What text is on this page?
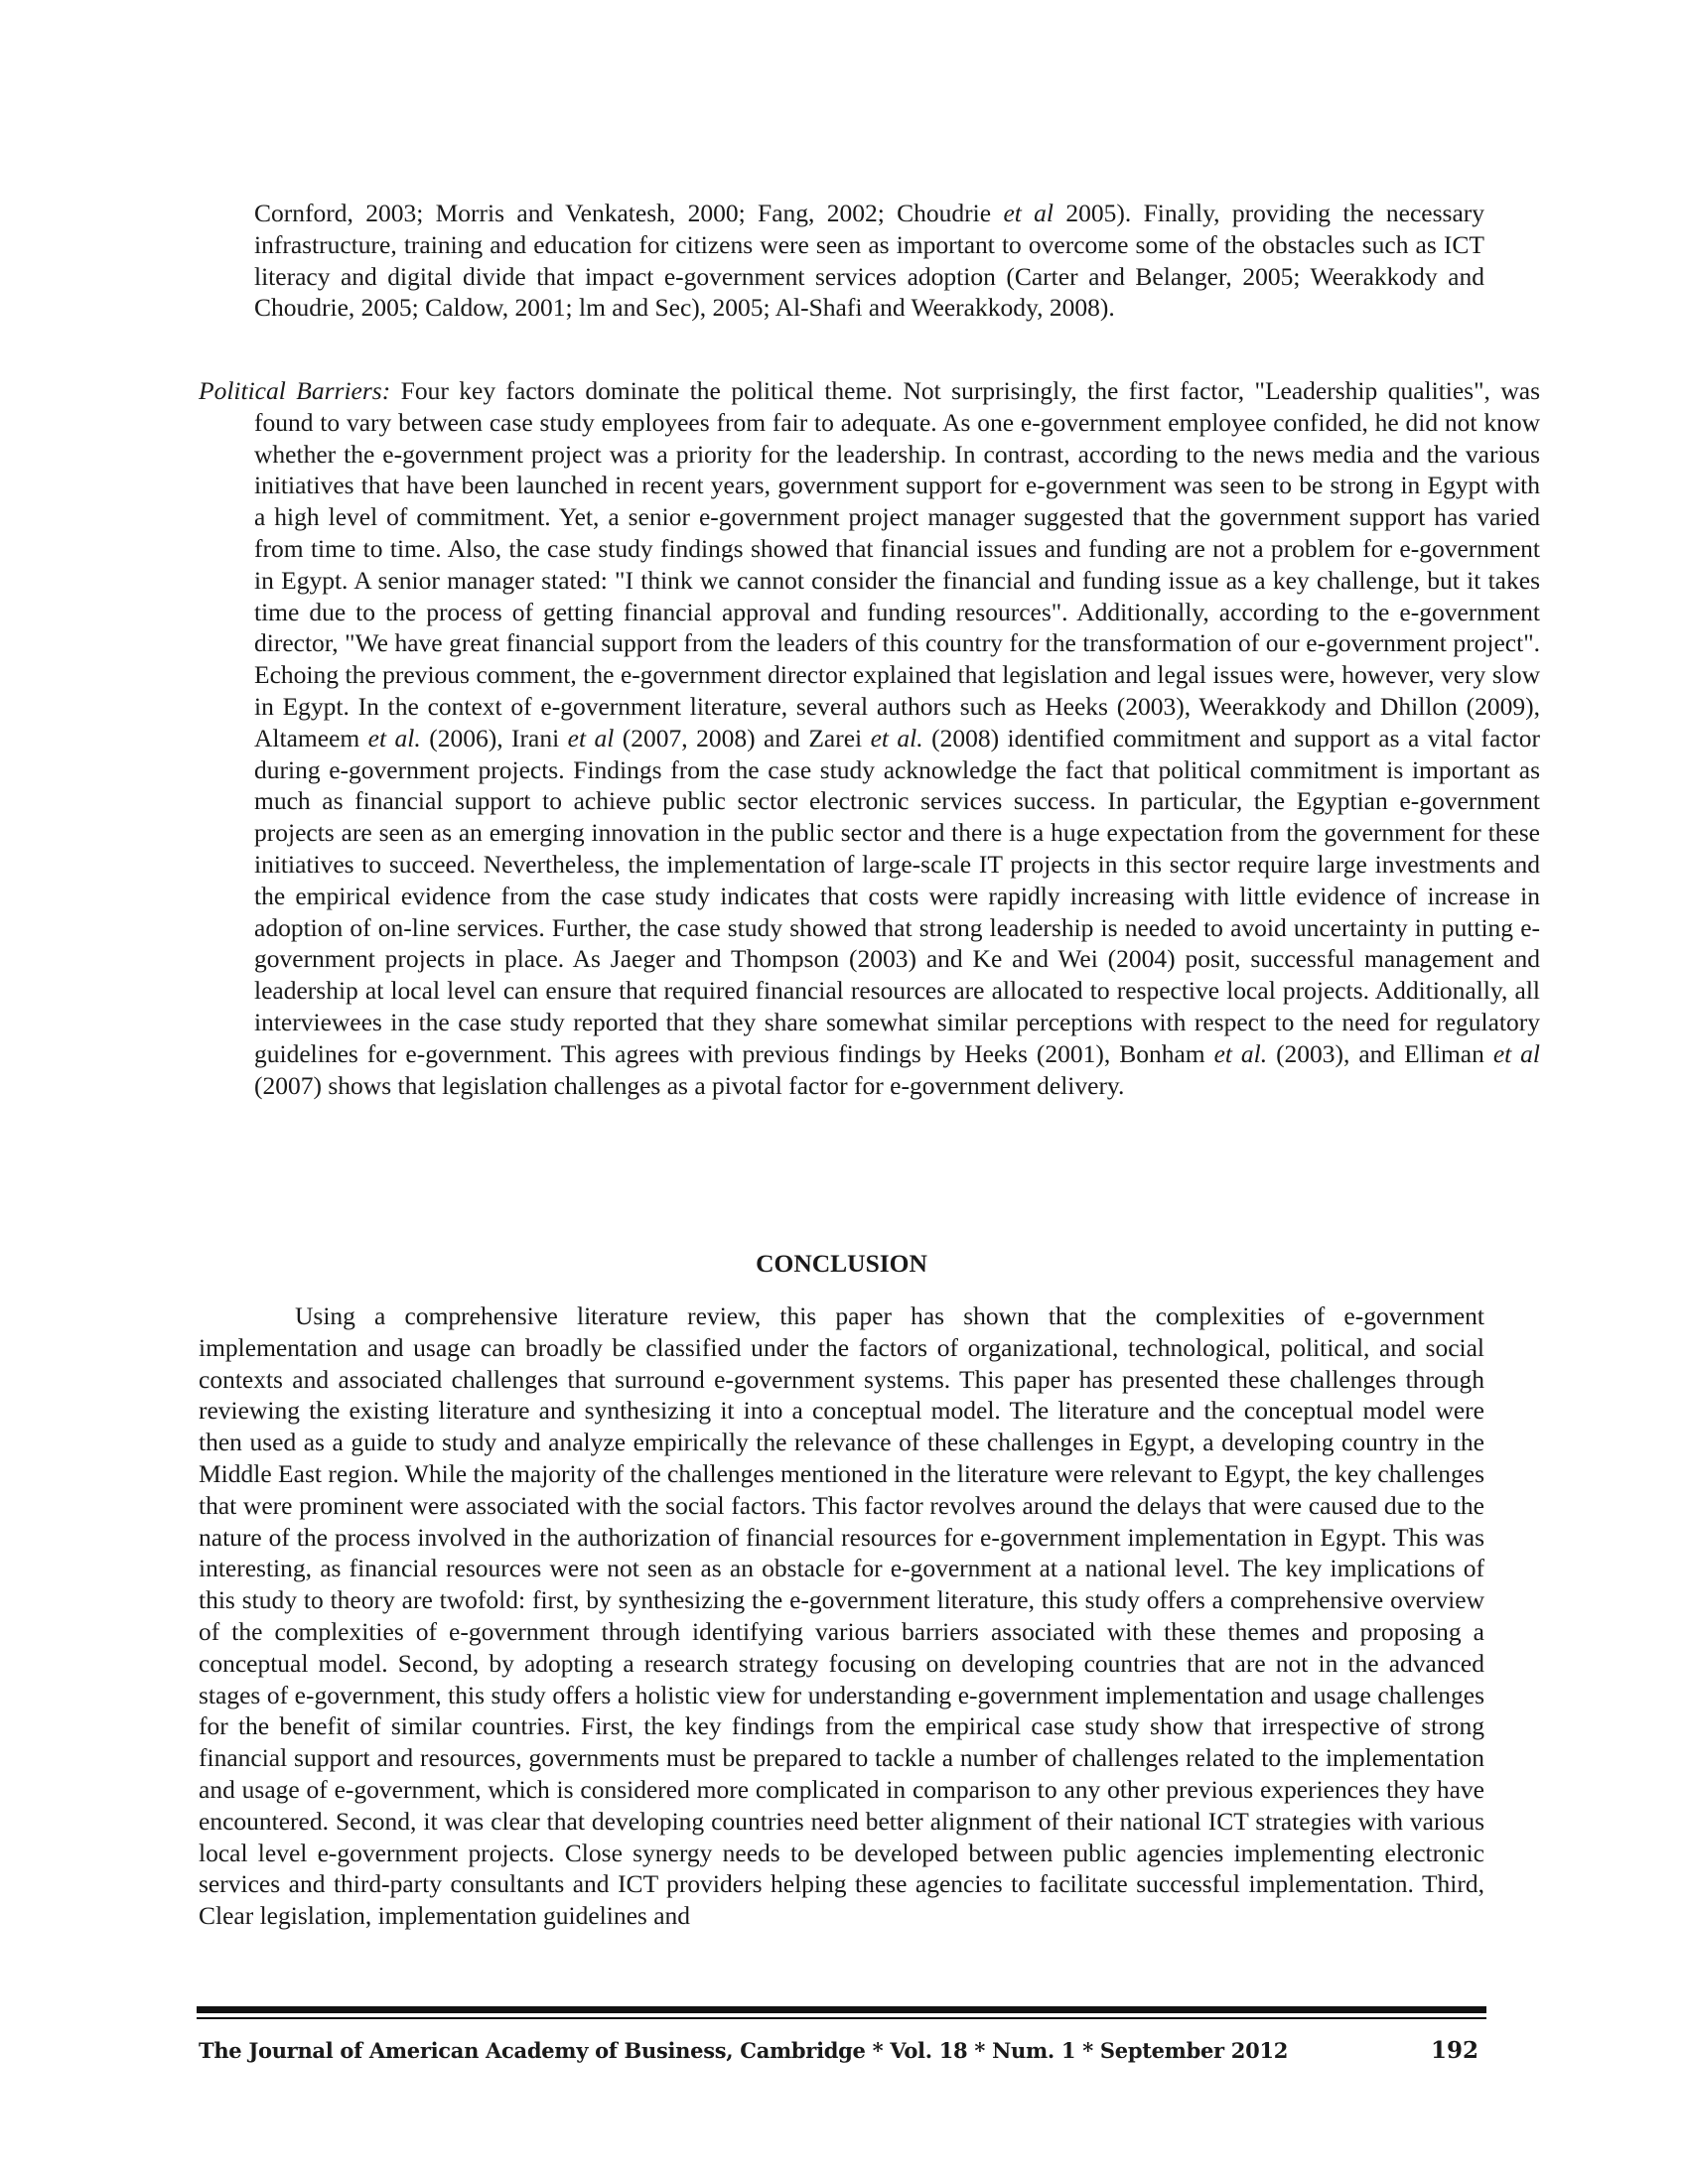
Cornford, 2003; Morris and Venkatesh, 2000; Fang, 2002; Choudrie et al 2005). Finally, providing the necessary infrastructure, training and education for citizens were seen as important to overcome some of the obstacles such as ICT literacy and digital divide that impact e-government services adoption (Carter and Belanger, 2005; Weerakkody and Choudrie, 2005; Caldow, 2001; lm and Sec), 2005; Al-Shafi and Weerakkody, 2008).

Political Barriers: Four key factors dominate the political theme. Not surprisingly, the first factor, "Leadership qualities", was found to vary between case study employees from fair to adequate. As one e-government employee confided, he did not know whether the e-government project was a priority for the leadership. In contrast, according to the news media and the various initiatives that have been launched in recent years, government support for e-government was seen to be strong in Egypt with a high level of commitment. Yet, a senior e-government project manager suggested that the government support has varied from time to time. Also, the case study findings showed that financial issues and funding are not a problem for e-government in Egypt. A senior manager stated: "I think we cannot consider the financial and funding issue as a key challenge, but it takes time due to the process of getting financial approval and funding resources". Additionally, according to the e-government director, "We have great financial support from the leaders of this country for the transformation of our e-government project". Echoing the previous comment, the e-government director explained that legislation and legal issues were, however, very slow in Egypt. In the context of e-government literature, several authors such as Heeks (2003), Weerakkody and Dhillon (2009), Altameem et al. (2006), Irani et al (2007, 2008) and Zarei et al. (2008) identified commitment and support as a vital factor during e-government projects. Findings from the case study acknowledge the fact that political commitment is important as much as financial support to achieve public sector electronic services success. In particular, the Egyptian e-government projects are seen as an emerging innovation in the public sector and there is a huge expectation from the government for these initiatives to succeed. Nevertheless, the implementation of large-scale IT projects in this sector require large investments and the empirical evidence from the case study indicates that costs were rapidly increasing with little evidence of increase in adoption of on-line services. Further, the case study showed that strong leadership is needed to avoid uncertainty in putting e-government projects in place. As Jaeger and Thompson (2003) and Ke and Wei (2004) posit, successful management and leadership at local level can ensure that required financial resources are allocated to respective local projects. Additionally, all interviewees in the case study reported that they share somewhat similar perceptions with respect to the need for regulatory guidelines for e-government. This agrees with previous findings by Heeks (2001), Bonham et al. (2003), and Elliman et al (2007) shows that legislation challenges as a pivotal factor for e-government delivery.

CONCLUSION

Using a comprehensive literature review, this paper has shown that the complexities of e-government implementation and usage can broadly be classified under the factors of organizational, technological, political, and social contexts and associated challenges that surround e-government systems. This paper has presented these challenges through reviewing the existing literature and synthesizing it into a conceptual model. The literature and the conceptual model were then used as a guide to study and analyze empirically the relevance of these challenges in Egypt, a developing country in the Middle East region. While the majority of the challenges mentioned in the literature were relevant to Egypt, the key challenges that were prominent were associated with the social factors. This factor revolves around the delays that were caused due to the nature of the process involved in the authorization of financial resources for e-government implementation in Egypt. This was interesting, as financial resources were not seen as an obstacle for e-government at a national level. The key implications of this study to theory are twofold: first, by synthesizing the e-government literature, this study offers a comprehensive overview of the complexities of e-government through identifying various barriers associated with these themes and proposing a conceptual model. Second, by adopting a research strategy focusing on developing countries that are not in the advanced stages of e-government, this study offers a holistic view for understanding e-government implementation and usage challenges for the benefit of similar countries. First, the key findings from the empirical case study show that irrespective of strong financial support and resources, governments must be prepared to tackle a number of challenges related to the implementation and usage of e-government, which is considered more complicated in comparison to any other previous experiences they have encountered. Second, it was clear that developing countries need better alignment of their national ICT strategies with various local level e-government projects. Close synergy needs to be developed between public agencies implementing electronic services and third-party consultants and ICT providers helping these agencies to facilitate successful implementation. Third, Clear legislation, implementation guidelines and

The Journal of American Academy of Business, Cambridge * Vol. 18 * Num. 1 * September 2012	192
